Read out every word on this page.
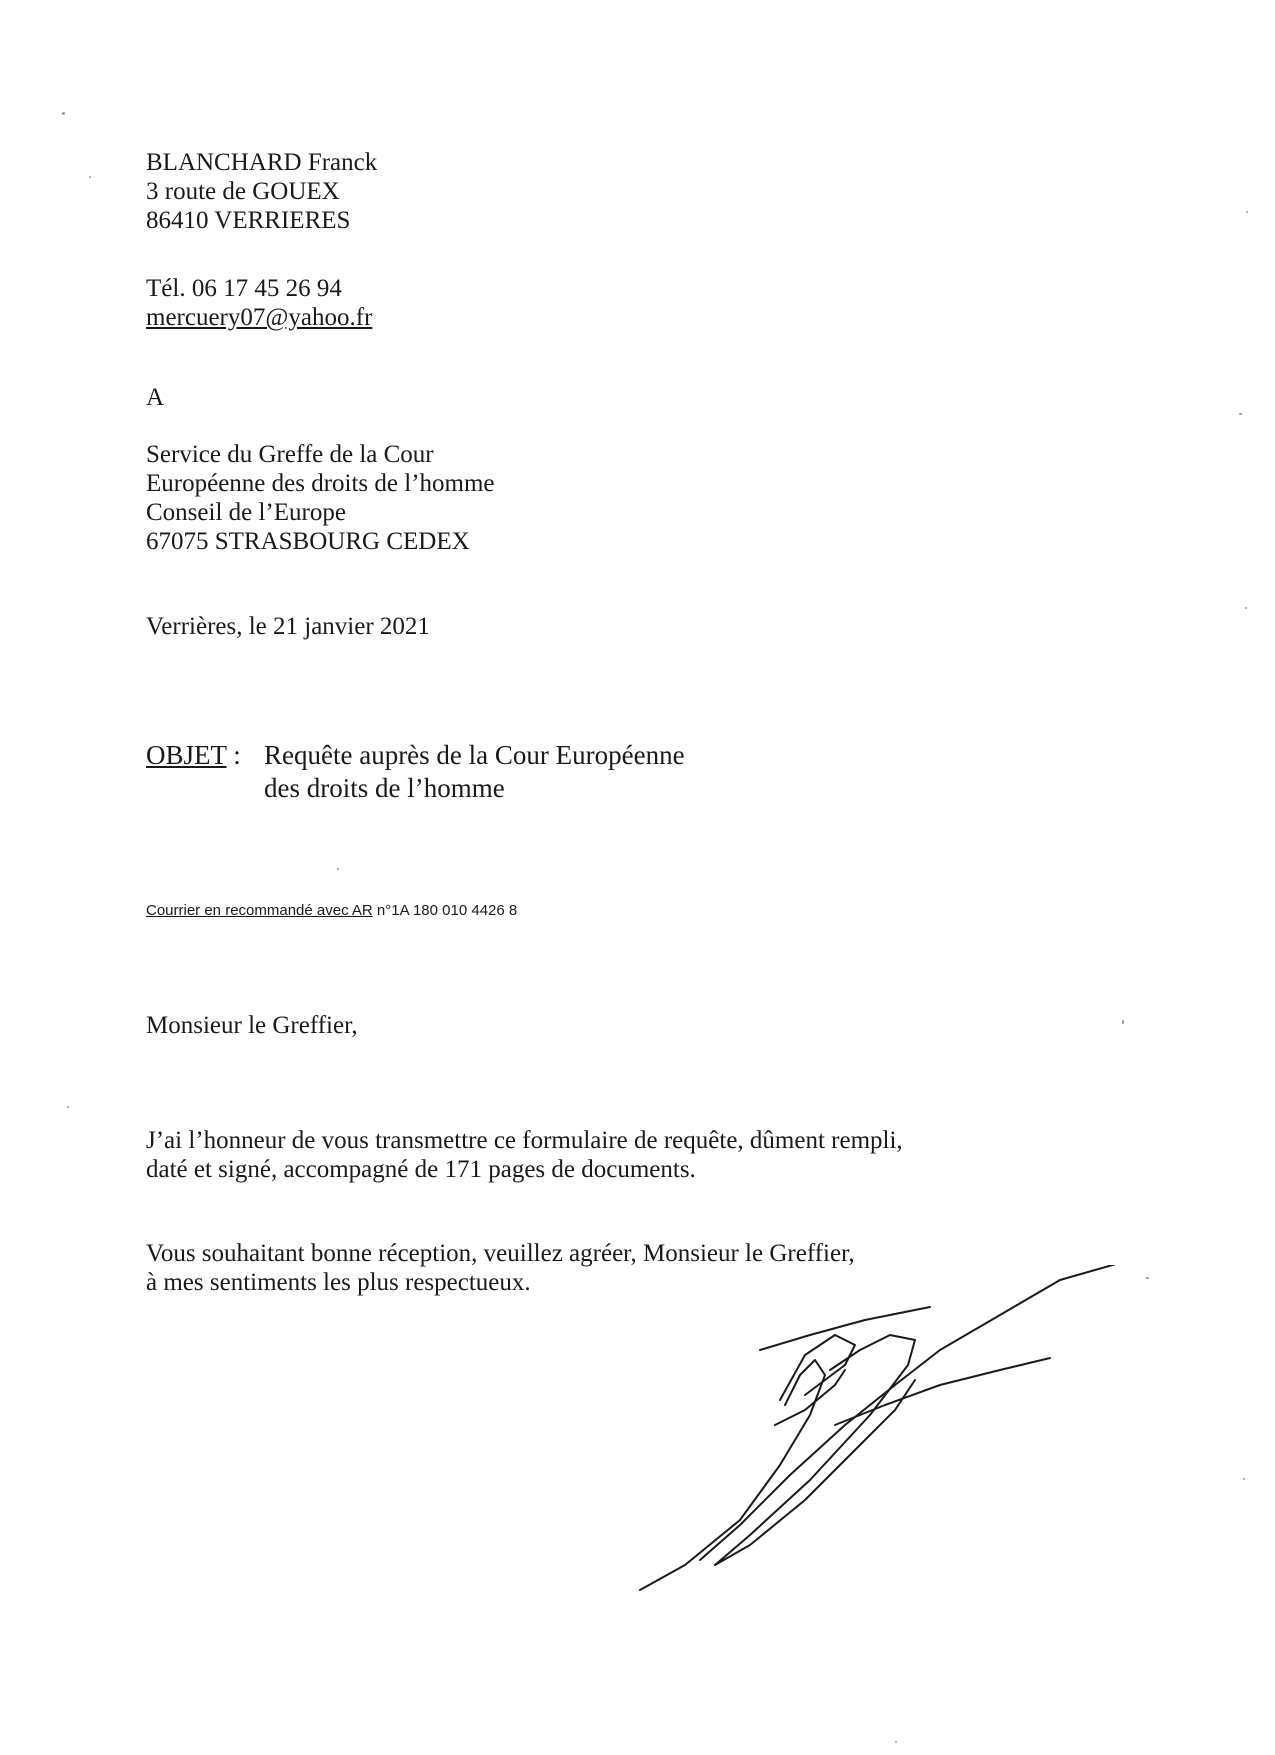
BLANCHARD Franck
3 route de GOUEX
86410 VERRIERES
Tél. 06 17 45 26 94
mercuery07@yahoo.fr
A
Service du Greffe de la Cour
Européenne des droits de l’homme
Conseil de l’Europe
67075 STRASBOURG CEDEX
Verrières, le 21 janvier 2021
OBJET : Requête auprès de la Cour Européenne
des droits de l’homme
Courrier en recommandé avec AR n°1A 180 010 4426 8
Monsieur le Greffier,
J’ai l’honneur de vous transmettre ce formulaire de requête, dûment rempli,
daté et signé, accompagné de 171 pages de documents.
Vous souhaitant bonne réception, veuillez agréer, Monsieur le Greffier,
à mes sentiments les plus respectueux.
